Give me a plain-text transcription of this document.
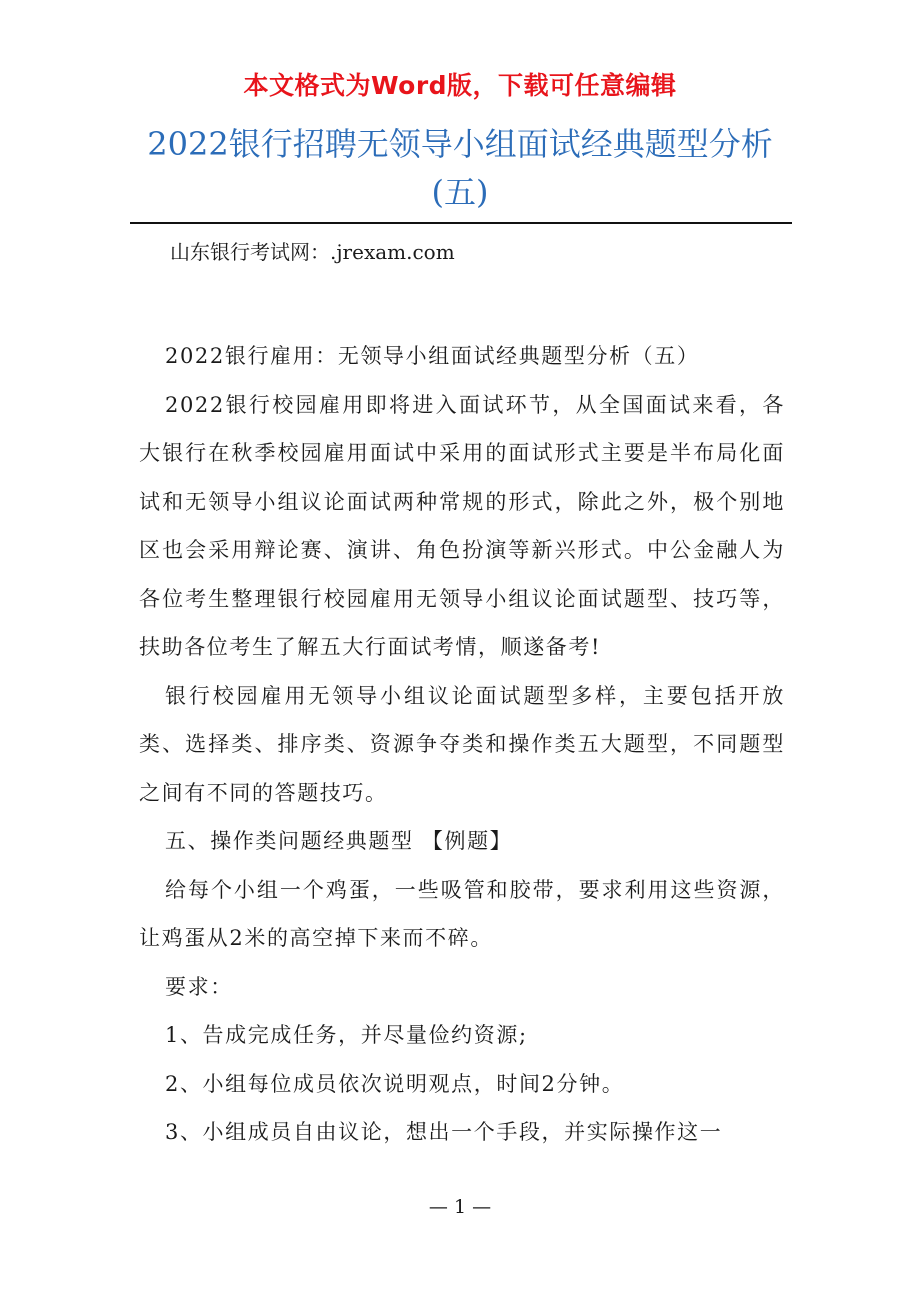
本文格式为Word版，下载可任意编辑
2022银行招聘无领导小组面试经典题型分析(五)
山东银行考试网：.jrexam.com

2022银行雇用：无领导小组面试经典题型分析（五）

2022银行校园雇用即将进入面试环节，从全国面试来看，各大银行在秋季校园雇用面试中采用的面试形式主要是半布局化面试和无领导小组议论面试两种常规的形式，除此之外，极个别地区也会采用辩论赛、演讲、角色扮演等新兴形式。中公金融人为各位考生整理银行校园雇用无领导小组议论面试题型、技巧等，扶助各位考生了解五大行面试考情，顺遂备考!

银行校园雇用无领导小组议论面试题型多样，主要包括开放类、选择类、排序类、资源争夺类和操作类五大题型，不同题型之间有不同的答题技巧。

五、操作类问题经典题型 【例题】

给每个小组一个鸡蛋，一些吸管和胶带，要求利用这些资源，让鸡蛋从2米的高空掉下来而不碎。

要求：

1、告成完成任务，并尽量俭约资源;

2、小组每位成员依次说明观点，时间2分钟。

3、小组成员自由议论，想出一个手段，并实际操作这一

— 1 —
